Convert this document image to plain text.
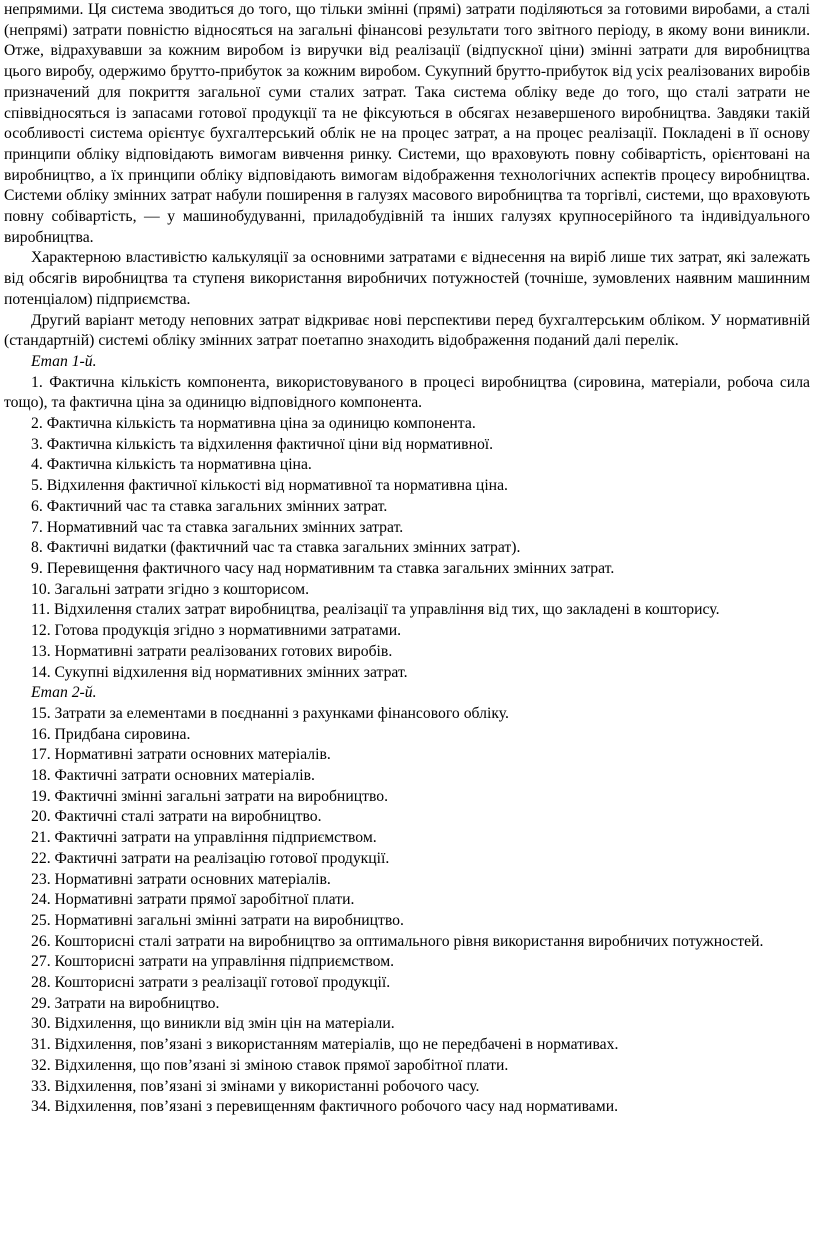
непрямими. Ця система зводиться до того, що тільки змінні (прямі) затрати поділяються за готовими виробами, а сталі (непрямі) затрати повністю відносяться на загальні фінансові результати того звітного періоду, в якому вони виникли. Отже, відрахувавши за кожним виробом із виручки від реалізації (відпускної ціни) змінні затрати для виробництва цього виробу, одержимо брутто-прибуток за кожним виробом. Сукупний брутто-прибуток від усіх реалізованих виробів призначений для покриття загальної суми сталих затрат. Така система обліку веде до того, що сталі затрати не співвідносяться із запасами готової продукції та не фіксуються в обсягах незавершеного виробництва. Завдяки такій особливості система орієнтує бухгалтерський облік не на процес затрат, а на процес реалізації. Покладені в її основу принципи обліку відповідають вимогам вивчення ринку. Системи, що враховують повну собівартість, орієнтовані на виробництво, а їх принципи обліку відповідають вимогам відображення технологічних аспектів процесу виробництва. Системи обліку змінних затрат набули поширення в галузях масового виробництва та торгівлі, системи, що враховують повну собівартість, — у машинобудуванні, приладобудівній та інших галузях крупносерійного та індивідуального виробництва.

Характерною властивістю калькуляції за основними затратами є віднесення на виріб лише тих затрат, які залежать від обсягів виробництва та ступеня використання виробничих потужностей (точніше, зумовлених наявним машинним потенціалом) підприємства.

Другий варіант методу неповних затрат відкриває нові перспективи перед бухгалтерським обліком. У нормативній (стандартній) системі обліку змінних затрат поетапно знаходить відображення поданий далі перелік.

Етап 1-й.

1. Фактична кількість компонента, використовуваного в процесі виробництва (сировина, матеріали, робоча сила тощо), та фактична ціна за одиницю відповідного компонента.

2. Фактична кількість та нормативна ціна за одиницю компонента.

3. Фактична кількість та відхилення фактичної ціни від нормативної.

4. Фактична кількість та нормативна ціна.

5. Відхилення фактичної кількості від нормативної та нормативна ціна.

6. Фактичний час та ставка загальних змінних затрат.

7. Нормативний час та ставка загальних змінних затрат.

8. Фактичні видатки (фактичний час та ставка загальних змінних затрат).

9. Перевищення фактичного часу над нормативним та ставка загальних змінних затрат.

10. Загальні затрати згідно з кошторисом.

11. Відхилення сталих затрат виробництва, реалізації та управління від тих, що закладені в кошторису.

12. Готова продукція згідно з нормативними затратами.

13. Нормативні затрати реалізованих готових виробів.

14. Сукупні відхилення від нормативних змінних затрат.

Етап 2-й.

15. Затрати за елементами в поєднанні з рахунками фінансового обліку.

16. Придбана сировина.

17. Нормативні затрати основних матеріалів.

18. Фактичні затрати основних матеріалів.

19. Фактичні змінні загальні затрати на виробництво.

20. Фактичні сталі затрати на виробництво.

21. Фактичні затрати на управління підприємством.

22. Фактичні затрати на реалізацію готової продукції.

23. Нормативні затрати основних матеріалів.

24. Нормативні затрати прямої заробітної плати.

25. Нормативні загальні змінні затрати на виробництво.

26. Кошторисні сталі затрати на виробництво за оптимального рівня використання виробничих потужностей.

27. Кошторисні затрати на управління підприємством.

28. Кошторисні затрати з реалізації готової продукції.

29. Затрати на виробництво.

30. Відхилення, що виникли від змін цін на матеріали.

31. Відхилення, пов’язані з використанням матеріалів, що не передбачені в нормативах.

32. Відхилення, що пов’язані зі зміною ставок прямої заробітної плати.

33. Відхилення, пов’язані зі змінами у використанні робочого часу.

34. Відхилення, пов’язані з перевищенням фактичного робочого часу над нормативами.
